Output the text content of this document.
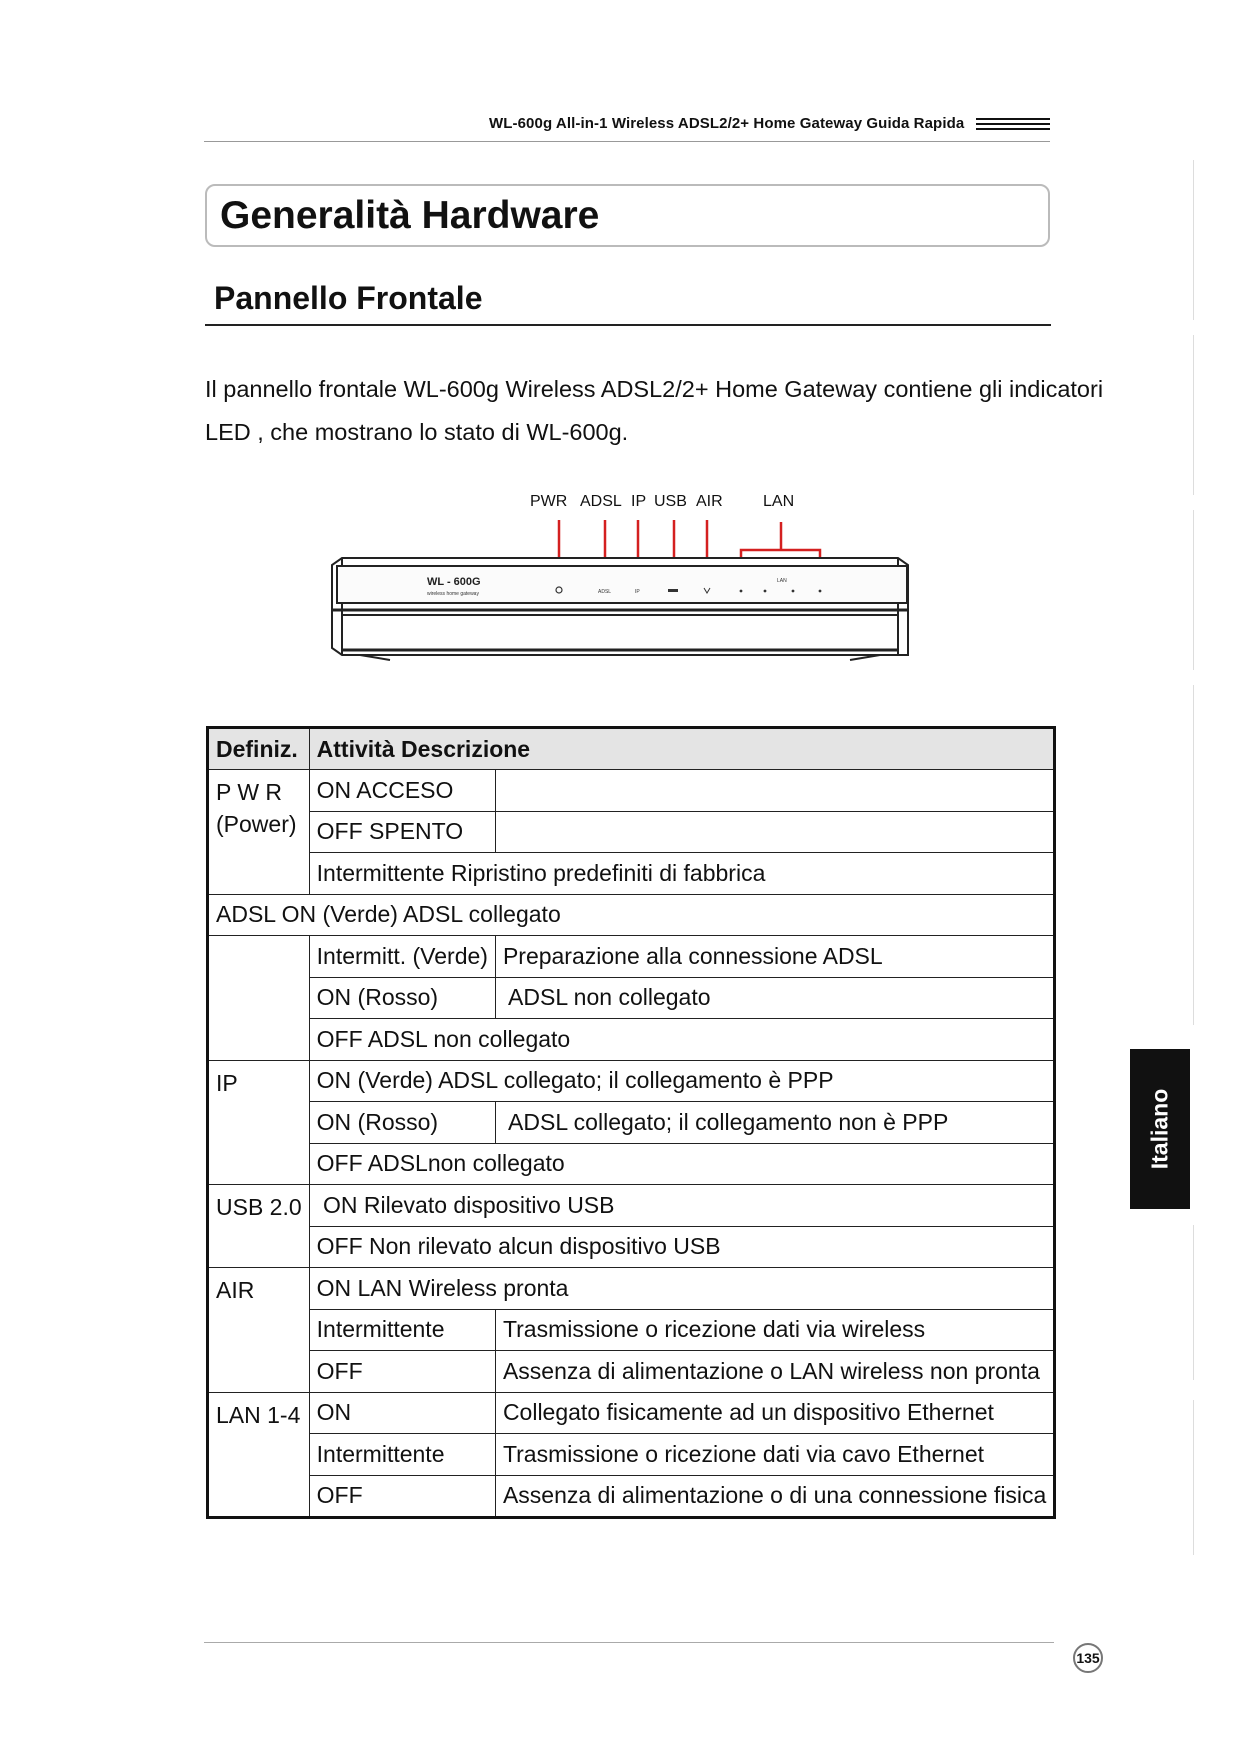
WL-600g All-in-1 Wireless ADSL2/2+ Home Gateway Guida Rapida
Generalità Hardware
Pannello Frontale
Il pannello frontale WL-600g Wireless ADSL2/2+ Home Gateway contiene gli indicatori LED , che mostrano lo stato di WL-600g.
PWR ADSL IP USB AIR	LAN
WL - 600G
wireless home gateway	ADSL	IP
LAN
Definiz.	Attività Descrizione	
P W R
(Power)	ON ACCESO	
	OFF SPENTO	
	Intermittente Ripristino predefiniti di fabbrica	
ADSL ON (Verde) ADSL collegato		
	Intermitt. (Verde)	Preparazione alla connessione ADSL
	ON (Rosso)	ADSL non collegato
	OFF ADSL non collegato	
IP	ON (Verde) ADSL collegato; il collegamento è PPP	
	ON (Rosso)	ADSL collegato; il collegamento non è PPP
	OFF ADSLnon collegato	
USB 2.0	ON Rilevato dispositivo USB	
	OFF Non rilevato alcun dispositivo USB	
AIR	ON LAN Wireless pronta	
	Intermittente	Trasmissione o ricezione dati via wireless
	OFF	Assenza di alimentazione o LAN wireless non pronta
LAN 1-4	ON	Collegato fisicamente ad un dispositivo Ethernet
	Intermittente	Trasmissione o ricezione dati via cavo Ethernet
	OFF	Assenza di alimentazione o di una connessione fisica
Italiano
135
